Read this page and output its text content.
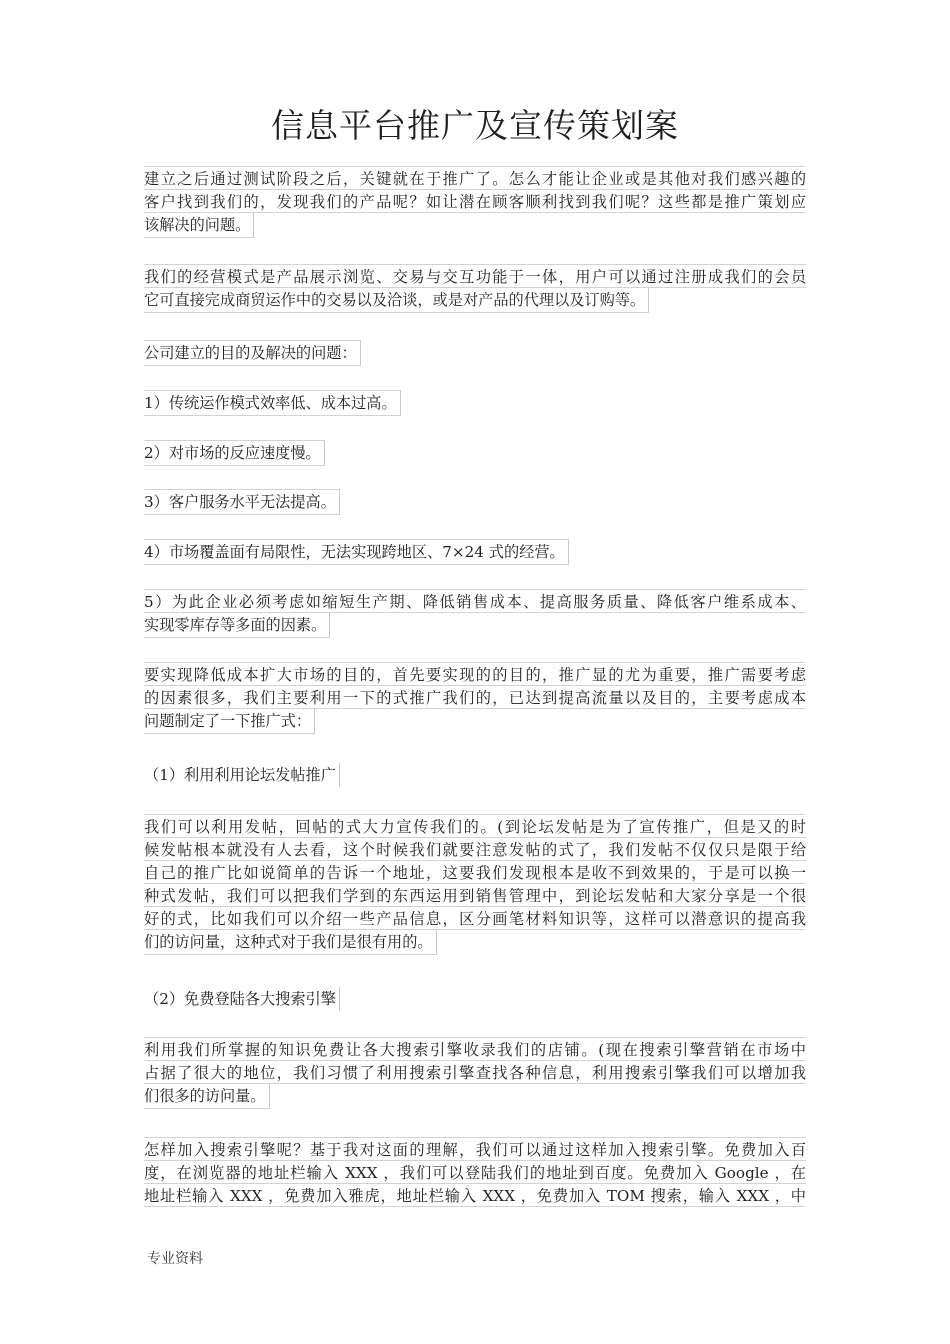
信息平台推广及宣传策划案
建立之后通过测试阶段之后，关键就在于推广了。怎么才能让企业或是其他对我们感兴趣的
客户找到我们的，发现我们的产品呢？如让潜在顾客顺利找到我们呢？这些都是推广策划应
该解决的问题。
我们的经营模式是产品展示浏览、交易与交互功能于一体，用户可以通过注册成我们的会员
它可直接完成商贸运作中的交易以及洽谈，或是对产品的代理以及订购等。
公司建立的目的及解决的问题：
1）传统运作模式效率低、成本过高。
2）对市场的反应速度慢。
3）客户服务水平无法提高。
4）市场覆盖面有局限性，无法实现跨地区、7×24 式的经营。
5）为此企业必须考虑如缩短生产期、降低销售成本、提高服务质量、降低客户维系成本、
实现零库存等多面的因素。
要实现降低成本扩大市场的目的，首先要实现的的目的，推广显的尤为重要，推广需要考虑
的因素很多，我们主要利用一下的式推广我们的，已达到提高流量以及目的，主要考虑成本
问题制定了一下推广式：
（1）利用利用论坛发帖推广
我们可以利用发帖，回帖的式大力宣传我们的。(到论坛发帖是为了宣传推广，但是又的时
候发帖根本就没有人去看，这个时候我们就要注意发帖的式了，我们发帖不仅仅只是限于给
自己的推广比如说简单的告诉一个地址，这要我们发现根本是收不到效果的，于是可以换一
种式发帖，我们可以把我们学到的东西运用到销售管理中，到论坛发帖和大家分享是一个很
好的式，比如我们可以介绍一些产品信息，区分画笔材料知识等，这样可以潜意识的提高我
们的访问量，这种式对于我们是很有用的。
（2）免费登陆各大搜索引擎
利用我们所掌握的知识免费让各大搜索引擎收录我们的店铺。(现在搜索引擎营销在市场中
占据了很大的地位，我们习惯了利用搜索引擎查找各种信息，利用搜索引擎我们可以增加我
们很多的访问量。
怎样加入搜索引擎呢？基于我对这面的理解，我们可以通过这样加入搜索引擎。免费加入百
度，在浏览器的地址栏输入 XXX ，我们可以登陆我们的地址到百度。免费加入 Google ，在
地址栏输入 XXX ，免费加入雅虎，地址栏输入 XXX ，免费加入 TOM 搜索，输入 XXX ，中
专业资料
